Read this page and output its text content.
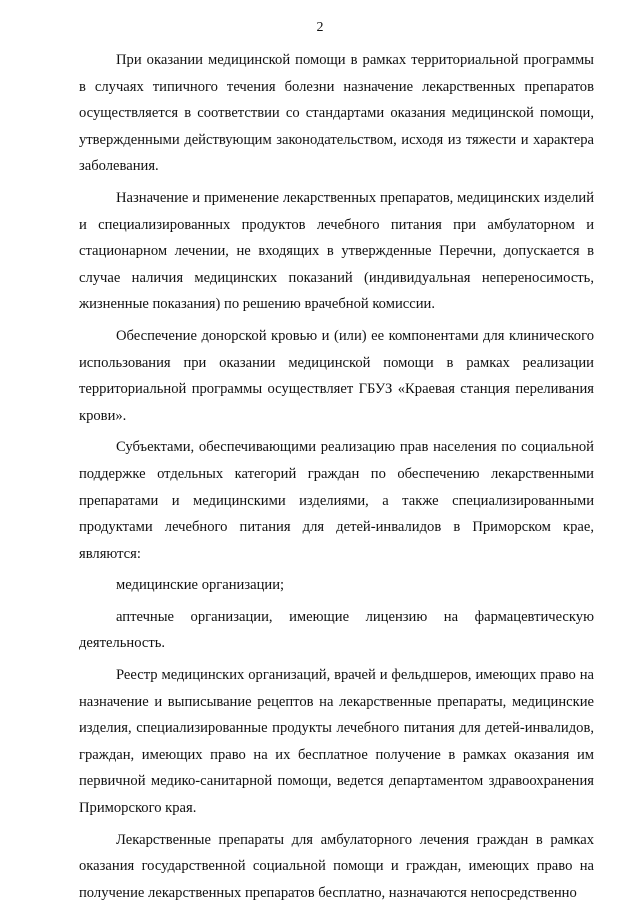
2

При оказании медицинской помощи в рамках территориальной программы в случаях типичного течения болезни назначение лекарственных препаратов осуществляется в соответствии со стандартами оказания медицинской помощи, утвержденными действующим законодательством, исходя из тяжести и характера заболевания.

Назначение и применение лекарственных препаратов, медицинских изделий и специализированных продуктов лечебного питания при амбулаторном и стационарном лечении, не входящих в утвержденные Перечни, допускается в случае наличия медицинских показаний (индивидуальная непереносимость, жизненные показания) по решению врачебной комиссии.

Обеспечение донорской кровью и (или) ее компонентами для клинического использования при оказании медицинской помощи в рамках реализации территориальной программы осуществляет ГБУЗ «Краевая станция переливания крови».

Субъектами, обеспечивающими реализацию прав населения по социальной поддержке отдельных категорий граждан по обеспечению лекарственными препаратами и медицинскими изделиями, а также специализированными продуктами лечебного питания для детей-инвалидов в Приморском крае, являются:

медицинские организации;

аптечные организации, имеющие лицензию на фармацевтическую деятельность.

Реестр медицинских организаций, врачей и фельдшеров, имеющих право на назначение и выписывание рецептов на лекарственные препараты, медицинские изделия, специализированные продукты лечебного питания для детей-инвалидов, граждан, имеющих право на их бесплатное получение в рамках оказания им первичной медико-санитарной помощи, ведется департаментом здравоохранения Приморского края.

Лекарственные препараты для амбулаторного лечения граждан в рамках оказания государственной социальной помощи и граждан, имеющих право на получение лекарственных препаратов бесплатно, назначаются непосредственно
